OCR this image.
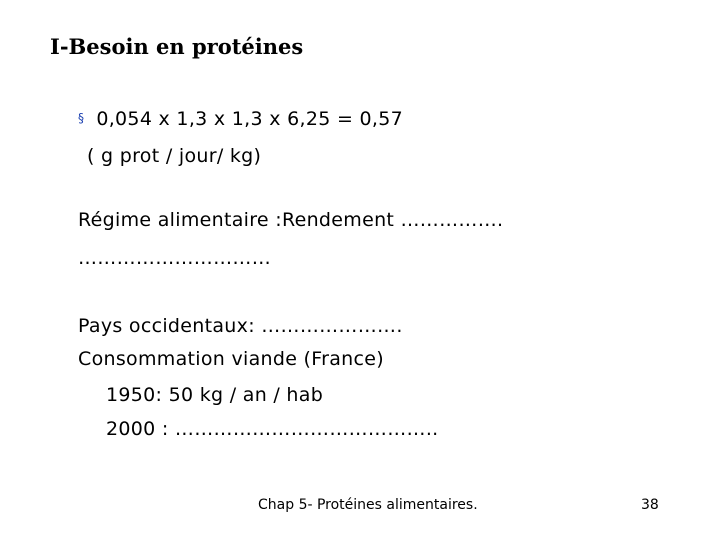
I-Besoin en protéines
§ 0,054 x 1,3 x 1,3 x 6,25 = 0,57
( g prot / jour/ kg)
Régime alimentaire :Rendement …………….
…………………………
Pays occidentaux: ………………….
Consommation viande (France)
1950: 50 kg / an / hab
2000 : …………………………………..
Chap 5- Protéines alimentaires.	38
